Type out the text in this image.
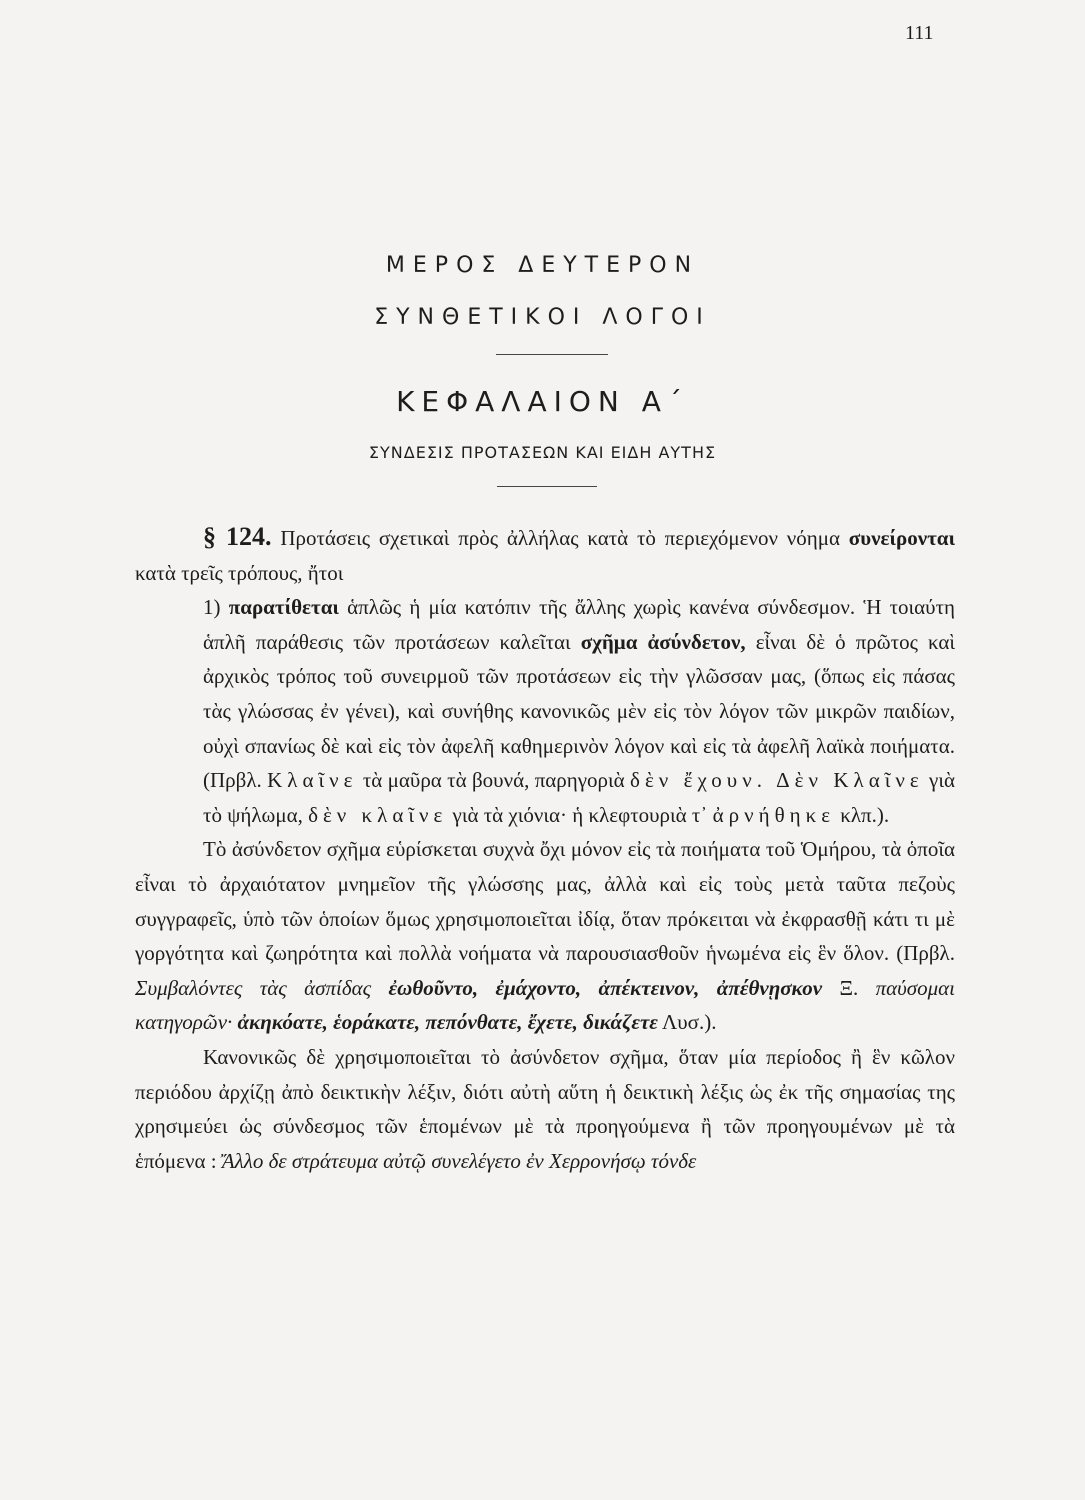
111
ΜΕΡΟΣ ΔΕΥΤΕΡΟΝ
ΣΥΝΘΕΤΙΚΟΙ ΛΟΓΟΙ
ΚΕΦΑΛΑΙΟΝ Α΄
ΣΥΝΔΕΣΙΣ ΠΡΟΤΑΣΕΩΝ ΚΑΙ ΕΙΔΗ ΑΥΤΗΣ

§ 124. Προτάσεις σχετικαὶ πρὸς ἀλλήλας κατὰ τὸ περιεχόμενον νόημα συνείρονται κατὰ τρεῖς τρόπους, ἤτοι

1) παρατίθεται ἁπλῶς ἡ μία κατόπιν τῆς ἄλλης χωρὶς κανένα σύνδεσμον. Ἡ τοιαύτη ἁπλῆ παράθεσις τῶν προτάσεων καλεῖται σχῆμα ἀσύνδετον, εἶναι δὲ ὁ πρῶτος καὶ ἀρχικὸς τρόπος τοῦ συνειρμοῦ τῶν προτάσεων εἰς τὴν γλῶσσαν μας, (ὅπως εἰς πάσας τὰς γλώσσας ἐν γένει), καὶ συνήθης κανονικῶς μὲν εἰς τὸν λόγον τῶν μικρῶν παιδίων, οὐχὶ σπανίως δὲ καὶ εἰς τὸν ἀφελῆ καθημερινὸν λόγον καὶ εἰς τὰ ἀφελῆ λαϊκὰ ποιήματα. (Πρβλ. Κλαῖνε τὰ μαῦρα τὰ βουνά, παρηγοριὰ δὲν ἔχουν. Δὲν Κλαῖνε γιὰ τὸ ψήλωμα, δὲν κλαῖνε γιὰ τὰ χιόνια· ἡ κλεφτουριὰ τ᾽ ἀρνήθηκε κλπ.).

Τὸ ἀσύνδετον σχῆμα εὑρίσκεται συχνὰ ὄχι μόνον εἰς τὰ ποιήματα τοῦ Ὁμήρου, τὰ ὁποῖα εἶναι τὸ ἀρχαιότατον μνημεῖον τῆς γλώσσης μας, ἀλλὰ καὶ εἰς τοὺς μετὰ ταῦτα πεζοὺς συγγραφεῖς, ὑπὸ τῶν ὁποίων ὅμως χρησιμοποιεῖται ἰδίᾳ, ὅταν πρόκειται νὰ ἐκφρασθῇ κάτι τι μὲ γοργότητα καὶ ζωηρότητα καὶ πολλὰ νοήματα νὰ παρουσιασθοῦν ἡνωμένα εἰς ἓν ὅλον. (Πρβλ. Συμβαλόντες τὰς ἀσπίδας ἐωθοῦντο, ἐμάχοντο, ἀπέκτεινον, ἀπέθνῃσκον Ξ. παύσομαι κατηγορῶν· ἀκηκόατε, ἑοράκατε, πεπόνθατε, ἔχετε, δικάζετε Λυσ.).

Κανονικῶς δὲ χρησιμοποιεῖται τὸ ἀσύνδετον σχῆμα, ὅταν μία περίοδος ἢ ἓν κῶλον περιόδου ἀρχίζῃ ἀπὸ δεικτικὴν λέξιν, διότι αὐτὴ αὕτη ἡ δεικτικὴ λέξις ὡς ἐκ τῆς σημασίας της χρησιμεύει ὡς σύνδεσμος τῶν ἑπομένων μὲ τὰ προηγούμενα ἢ τῶν προηγουμένων μὲ τὰ ἑπόμενα : Ἄλλο δε στράτευμα αὐτῷ συνελέγετο ἐν Χερρονήσῳ τόνδε
